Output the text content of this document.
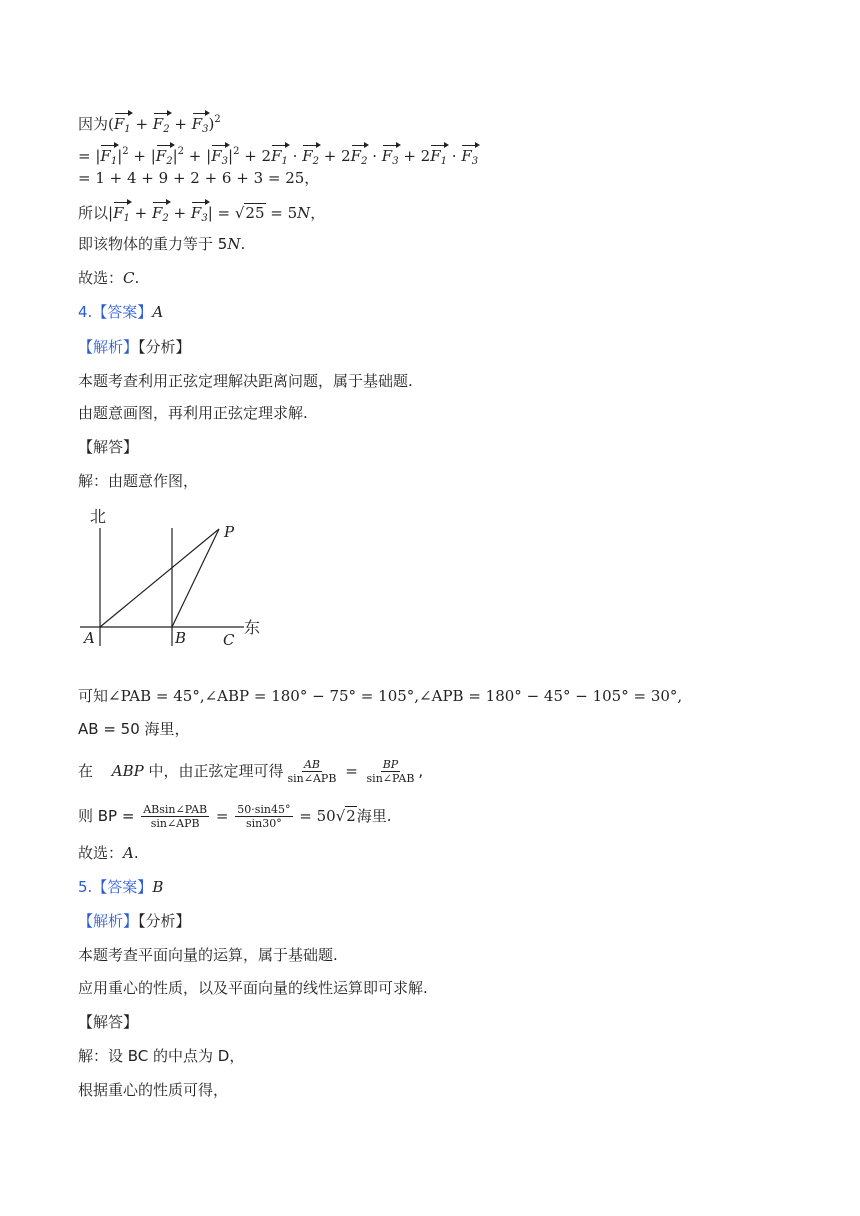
因为$(F_1 + F_2 + F_3)^2$
= $|F_1|^2 + |F_2|^2 + |F_3|^2 + 2F_1 \cdot F_2 + 2F_2 \cdot F_3 + 2F_1 \cdot F_3$
= 1 + 4 + 9 + 2 + 6 + 3 = 25，
所以$|F_1 + F_2 + F_3| = √25 = 5N$，
即该物体的重力等于 5N.
故选：C.
4.【答案】A
【解析】【分析】
本题考查利用正弦定理解决距离问题，属于基础题.
由题意画图，再利用正弦定理求解.
【解答】
解：由题意作图，
北
东
A	B C
P
可知∠PAB = 45°,∠ABP = 180° − 75° = 105°,∠APB = 180° − 45° − 105° = 30°,
AB = 50 海里，
在 ABP 中，由正弦定理可得 $\frac{AB}{\text{sin∠APB}} = \frac{BP}{\text{sin∠PAB}}$ ,
则 BP = $\frac{\text{ABsin∠PAB}}{\text{sin∠APB}} = \frac{50\cdot\sin 45^\circ}{\sin 30^\circ} = 50√2$海里.
故选：A.
5.【答案】B
【解析】【分析】
本题考查平面向量的运算，属于基础题.
应用重心的性质，以及平面向量的线性运算即可求解.
【解答】
解：设 BC 的中点为 D，
根据重心的性质可得，
